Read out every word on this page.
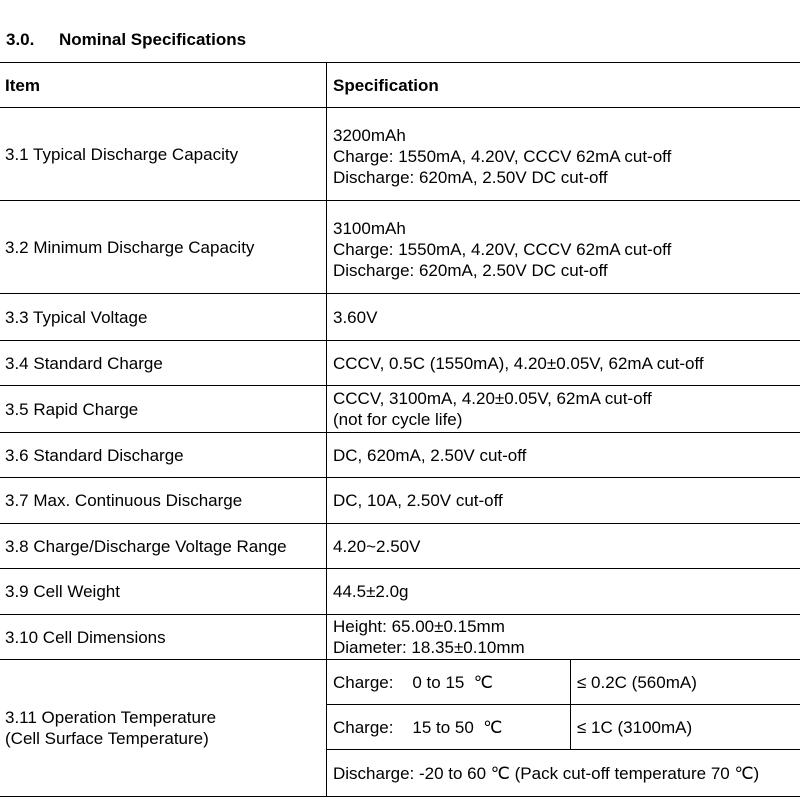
3.0. Nominal Specifications
Item	Specification	
3.1 Typical Discharge Capacity	3200mAh
Charge: 1550mA, 4.20V, CCCV 62mA cut-off
Discharge: 620mA, 2.50V DC cut-off	
3.2 Minimum Discharge Capacity	3100mAh
Charge: 1550mA, 4.20V, CCCV 62mA cut-off
Discharge: 620mA, 2.50V DC cut-off	
3.3 Typical Voltage	3.60V	
3.4 Standard Charge	CCCV, 0.5C (1550mA), 4.20±0.05V, 62mA cut-off	
3.5 Rapid Charge	CCCV, 3100mA, 4.20±0.05V, 62mA cut-off
(not for cycle life)	
3.6 Standard Discharge	DC, 620mA, 2.50V cut-off	
3.7 Max. Continuous Discharge	DC, 10A, 2.50V cut-off	
3.8 Charge/Discharge Voltage Range	4.20~2.50V	
3.9 Cell Weight	44.5±2.0g	
3.10 Cell Dimensions	Height: 65.00±0.15mm
Diameter: 18.35±0.10mm	
3.11 Operation Temperature
(Cell Surface Temperature)	Charge:    0 to 15  ℃	≤ 0.2C (560mA)
	Charge:    15 to 50  ℃	≤ 1C (3100mA)
	Discharge: -20 to 60 ℃ (Pack cut-off temperature 70 ℃)	
